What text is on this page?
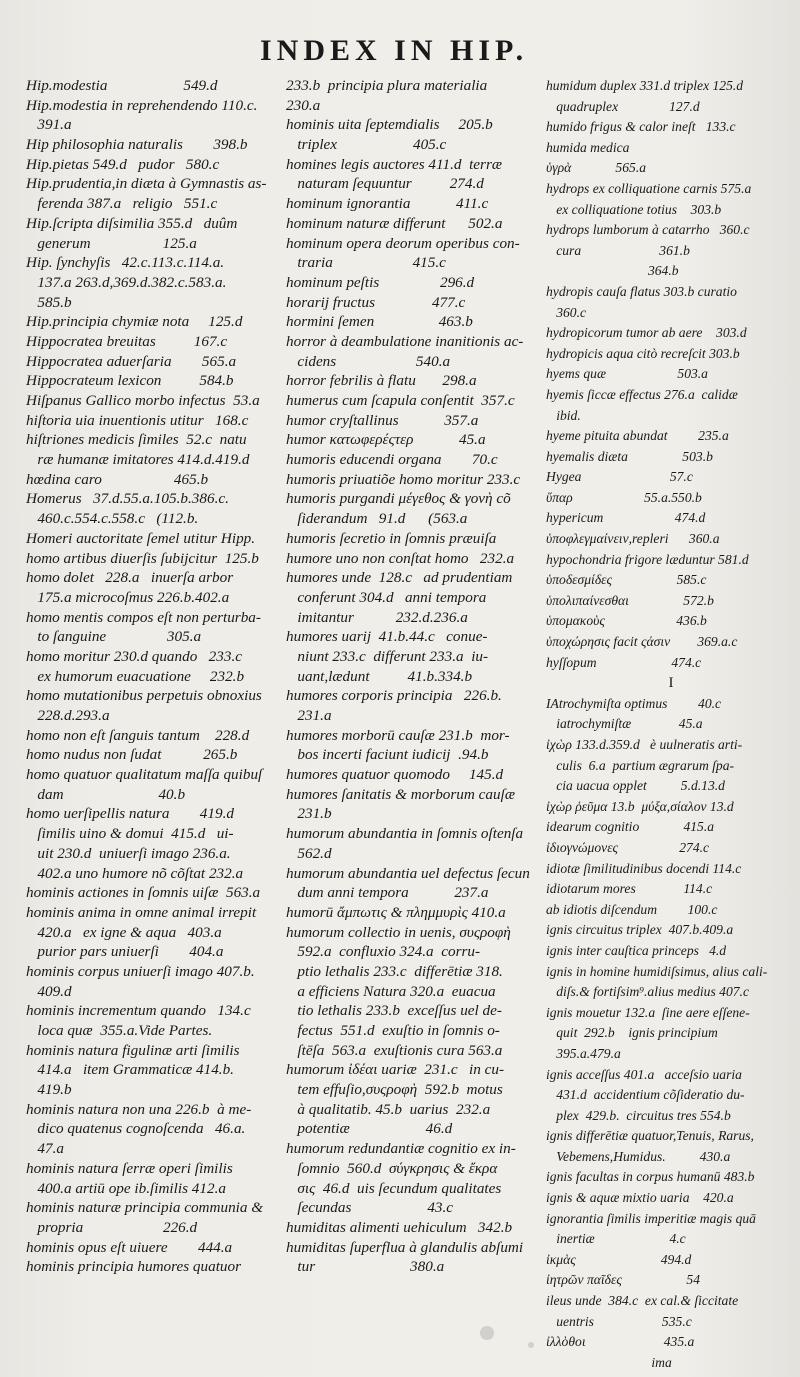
INDEX IN HIP.
Hip.modestia                    549.d
Hip.modestia in reprehendendo 110.c.
391.a
Hip philosophia naturalis        398.b
Hip.pietas 549.d   pudor   580.c
Hip.prudentia,in diæta à Gymnastis as-
ferenda 387.a   religio   551.c
Hip.ſcripta diſsimilia 355.d   duûm
generum                   125.a
Hip. ſynchyſis   42.c.113.c.114.a.
137.a 263.d,369.d.382.c.583.a.
585.b
Hip.principia chymiæ nota     125.d
Hippocratea breuitas          167.c
Hippocratea aduerſaria        565.a
Hippocrateum lexicon          584.b
Hiſpanus Gallico morbo infectus  53.a
hiſtoria uia inuentionis utitur   168.c
hiſtriones medicis ſimiles  52.c  natu
ræ humanæ imitatores 414.d.419.d
hœdina caro                   465.b
Homerus   37.d.55.a.105.b.386.c.
460.c.554.c.558.c   (112.b.
Homeri auctoritate ſemel utitur Hipp.
homo artibus diuerſis ſubijcitur  125.b
homo dolet   228.a   inuerſa arbor
175.a microcoſmus 226.b.402.a
homo mentis compos eſt non perturba-
to ſanguine                305.a
homo moritur 230.d quando   233.c
ex humorum euacuatione     232.b
homo mutationibus perpetuis obnoxius
228.d.293.a
homo non eſt ſanguis tantum    228.d
homo nudus non ſudat           265.b
homo quatuor qualitatum maſſa quibuſ
dam                         40.b
homo uerſipellis natura        419.d
ſimilis uino & domui  415.d   ui-
uit 230.d  uniuerſi imago 236.a.
402.a uno humore nõ cõſtat 232.a
hominis actiones in ſomnis uiſæ  563.a
hominis anima in omne animal irrepit
420.a   ex igne & aqua   403.a
purior pars uniuerſi        404.a
hominis corpus uniuerſi imago 407.b.
409.d
hominis incrementum quando   134.c
loca quæ  355.a.Vide Partes.
hominis natura figulinæ arti ſimilis
414.a   item Grammaticæ 414.b.
419.b
hominis natura non una 226.b  à me-
dico quatenus cognoſcenda   46.a.
47.a
hominis natura ſerræ operi ſimilis
400.a artiū ope ib.ſimilis 412.a
hominis naturæ principia communia &
propria                     226.d
hominis opus eſt uiuere        444.a
hominis principia humores quatuor
233.b  principia plura materialia
230.a
hominis uita ſeptemdialis     205.b
triplex                    405.c
homines legis auctores 411.d  terræ
naturam ſequuntur          274.d
hominum ignorantia            411.c
hominum naturæ differunt      502.a
hominum opera deorum operibus con-
traria                     415.c
hominum peſtis                296.d
horarij fructus               477.c
hormini ſemen                 463.b
horror à deambulatione inanitionis ac-
cidens                     540.a
horror febrilis à flatu       298.a
humerus cum ſcapula conſentit  357.c
humor cryſtallinus            357.a
humor κατωφερέςτερ            45.a
humoris educendi organa        70.c
humoris priuatiõe homo moritur 233.c
humoris purgandi μέγεθος & γονὴ cõ
ſiderandum   91.d      (563.a
humoris ſecretio in ſomnis præuiſa
humore uno non conſtat homo   232.a
humores unde  128.c   ad prudentiam
conferunt 304.d   anni tempora
imitantur           232.d.236.a
humores uarij  41.b.44.c   conue-
niunt 233.c  differunt 233.a  iu-
uant,lædunt          41.b.334.b
humores corporis principia   226.b.
231.a
humores morborū cauſæ 231.b  mor-
bos incerti faciunt iudicij  .94.b
humores quatuor quomodo     145.d
humores ſanitatis & morborum cauſæ
231.b
humorum abundantia in ſomnis oſtenſa
562.d
humorum abundantia uel defectus ſecun
dum anni tempora            237.a
humorū ἄμπωτις & πλημμυρὶς 410.a
humorum collectio in uenis, συςροφὴ
592.a  confluxio 324.a  corru-
ptio lethalis 233.c  differētiæ 318.
a efficiens Natura 320.a  euacua
tio lethalis 233.b  exceſſus uel de-
fectus  551.d  exuſtio in ſomnis o-
ſtēſa  563.a  exuſtionis cura 563.a
humorum ἰδέαι uariæ  231.c   in cu-
tem effuſio,συςροφὴ  592.b  motus
à qualitatib. 45.b  uarius  232.a
potentiæ                    46.d
humorum redundantiæ cognitio ex in-
ſomnio  560.d  σύγκρησις & ἔκρα
σις  46.d  uis ſecundum qualitates
ſecundas                    43.c
humiditas alimenti uehiculum   342.b
humiditas ſuperflua à glandulis abſumi
tur                         380.a
humidum duplex 331.d triplex 125.d
quadruplex               127.d
humido frigus & calor ineſt   133.c
humida medica
ὑγρὰ             565.a
hydrops ex colliquatione carnis 575.a
ex colliquatione totius    303.b
hydrops lumborum à catarrho   360.c
cura                       361.b
364.b
hydropis cauſa flatus 303.b curatio
360.c
hydropicorum tumor ab aere    303.d
hydropicis aqua citò recreſcit 303.b
hyems quæ                     503.a
hyemis ſiccæ effectus 276.a  calidæ
ibid.
hyeme pituita abundat         235.a
hyemalis diæta                503.b
Hygea                          57.c
ὕπαρ                     55.a.550.b
hypericum                     474.d
ὑποφλεγμαίνειν,repleri      360.a
hypochondria frigore læduntur 581.d
ὑποδεσμίδες                   585.c
ὑπολιπαίνεσθαι                572.b
ὑπομακοὺς                     436.b
ὑποχώρησις facit ςάσιν        369.a.c
hyſſopum                      474.c
I
IAtrochymiſta optimus         40.c
iatrochymiſtæ              45.a
ἰχὼρ 133.d.359.d   è uulneratis arti-
culis  6.a  partium ægrarum ſpa-
cia uacua opplet          5.d.13.d
ἰχὼρ ῥεῦμα 13.b  μύξα,σίαλον 13.d
idearum cognitio             415.a
ἰδιογνώμονες                  274.c
idiotæ ſimilitudinibus docendi 114.c
idiotarum mores              114.c
ab idiotis diſcendum         100.c
ignis circuitus triplex  407.b.409.a
ignis inter cauſtica princeps   4.d
ignis in homine humidiſsimus, alius cali-
diſs.& fortiſsim⁹.alius medius 407.c
ignis mouetur 132.a  ſine aere eſſene-
quit  292.b    ignis principium
395.a.479.a
ignis acceſſus 401.a   acceſsio uaria
431.d  accidentium cõſideratio du-
plex  429.b.  circuitus tres 554.b
ignis differētiæ quatuor,Tenuis, Rarus,
Vebemens,Humidus.          430.a
ignis facultas in corpus humanū 483.b
ignis & aquæ mixtio uaria    420.a
ignorantia ſimilis imperitiæ magis quā
inertiæ                      4.c
ἰκμὰς                         494.d
ἰητρῶν παῖδες                   54
ileus unde  384.c  ex cal.& ſiccitate
uentris                    535.c
ἰλλὸθοι                       435.a
ima
